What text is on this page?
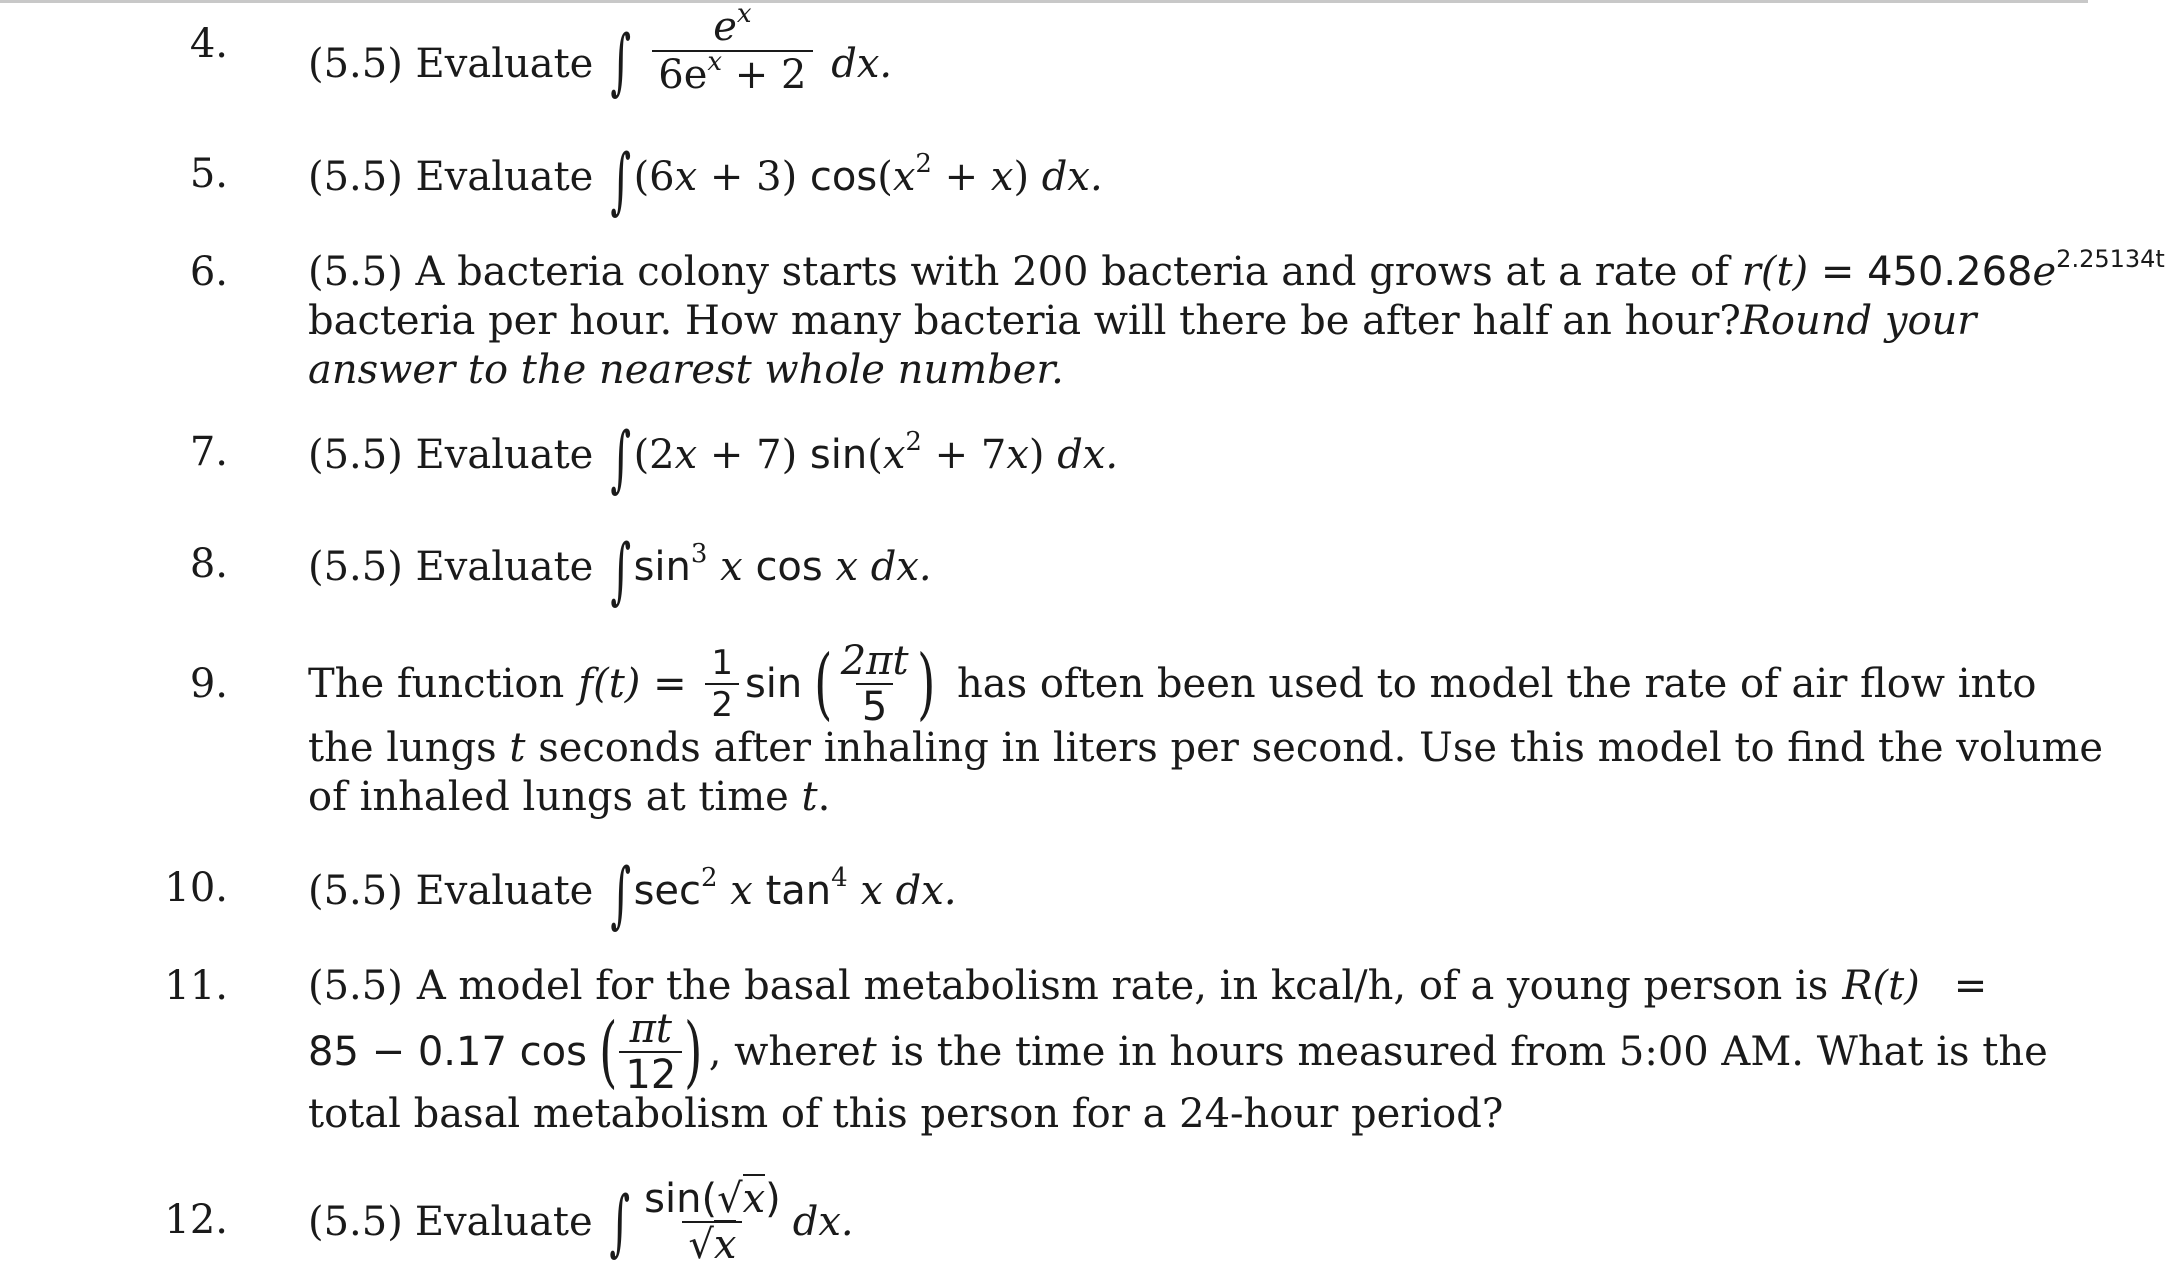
4. (5.5) Evaluate ∫ $\frac{e^x}{6e^x + 2}$ dx.
5. (5.5) Evaluate ∫(6x + 3) $\cos(x^2 + x)$ dx.
6. (5.5) A bacteria colony starts with 200 bacteria and grows at a rate of $r(t) = 450.268e^{2.25134t}$
bacteria per hour. How many bacteria will there be after half an hour? Round your
answer to the nearest whole number.
7. (5.5) Evaluate ∫(2x + 7) $\sin(x^2 + 7x)$ dx.
8. (5.5) Evaluate $\int\sin^3$ x cos x dx.
9. The function $f(t) = \frac{1}{2}$ sin ( $\frac{2\pi t}{5}$ ) has often been used to model the rate of air flow into
the lungs t seconds after inhaling in liters per second. Use this model to find the volume
of inhaled lungs at time t.
10. (5.5) Evaluate $\int\sec^2$ x $\tan^4 x$ dx.
11. (5.5) A model for the basal metabolism rate, in kcal/h, of a young person is R(t) =
85 − 0.17 cos ( $\frac{\pi t}{12}$ ) , where t is the time in hours measured from 5:00 AM. What is the
total basal metabolism of this person for a 24-hour period?
12. (5.5) Evaluate ∫ $\frac{\sin(√x)}{√x}$ dx.
